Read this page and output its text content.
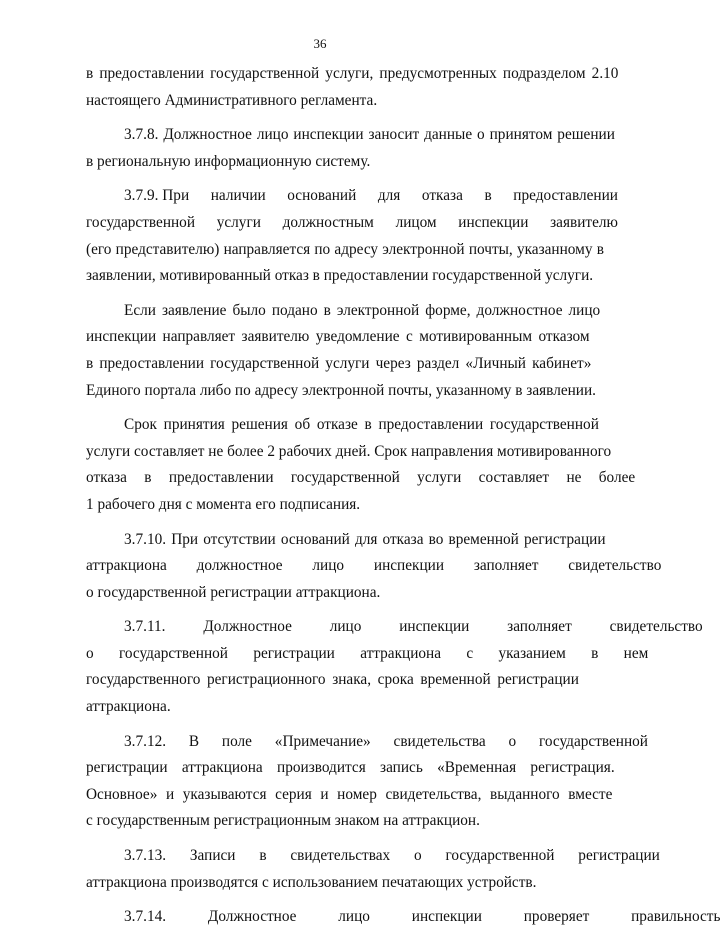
36
в предоставлении государственной услуги, предусмотренных подразделом 2.10
настоящего Административного регламента.
3.7.8. Должностное лицо инспекции заносит данные о принятом решении
в региональную информационную систему.
3.7.9. При наличии оснований для отказа в предоставлении
государственной услуги должностным лицом инспекции заявителю
(его представителю) направляется по адресу электронной почты, указанному в
заявлении, мотивированный отказ в предоставлении государственной услуги.
Если заявление было подано в электронной форме, должностное лицо
инспекции направляет заявителю уведомление с мотивированным отказом
в предоставлении государственной услуги через раздел «Личный кабинет»
Единого портала либо по адресу электронной почты, указанному в заявлении.
Срок принятия решения об отказе в предоставлении государственной
услуги составляет не более 2 рабочих дней. Срок направления мотивированного
отказа в предоставлении государственной услуги составляет не более
1 рабочего дня с момента его подписания.
3.7.10. При отсутствии оснований для отказа во временной регистрации
аттракциона должностное лицо инспекции заполняет свидетельство
о государственной регистрации аттракциона.
3.7.11. Должностное лицо инспекции заполняет свидетельство
о государственной регистрации аттракциона с указанием в нем
государственного регистрационного знака, срока временной регистрации
аттракциона.
3.7.12. В поле «Примечание» свидетельства о государственной
регистрации аттракциона производится запись «Временная регистрация.
Основное» и указываются серия и номер свидетельства, выданного вместе
с государственным регистрационным знаком на аттракцион.
3.7.13. Записи в свидетельствах о государственной регистрации
аттракциона производятся с использованием печатающих устройств.
3.7.14. Должностное лицо инспекции проверяет правильность
